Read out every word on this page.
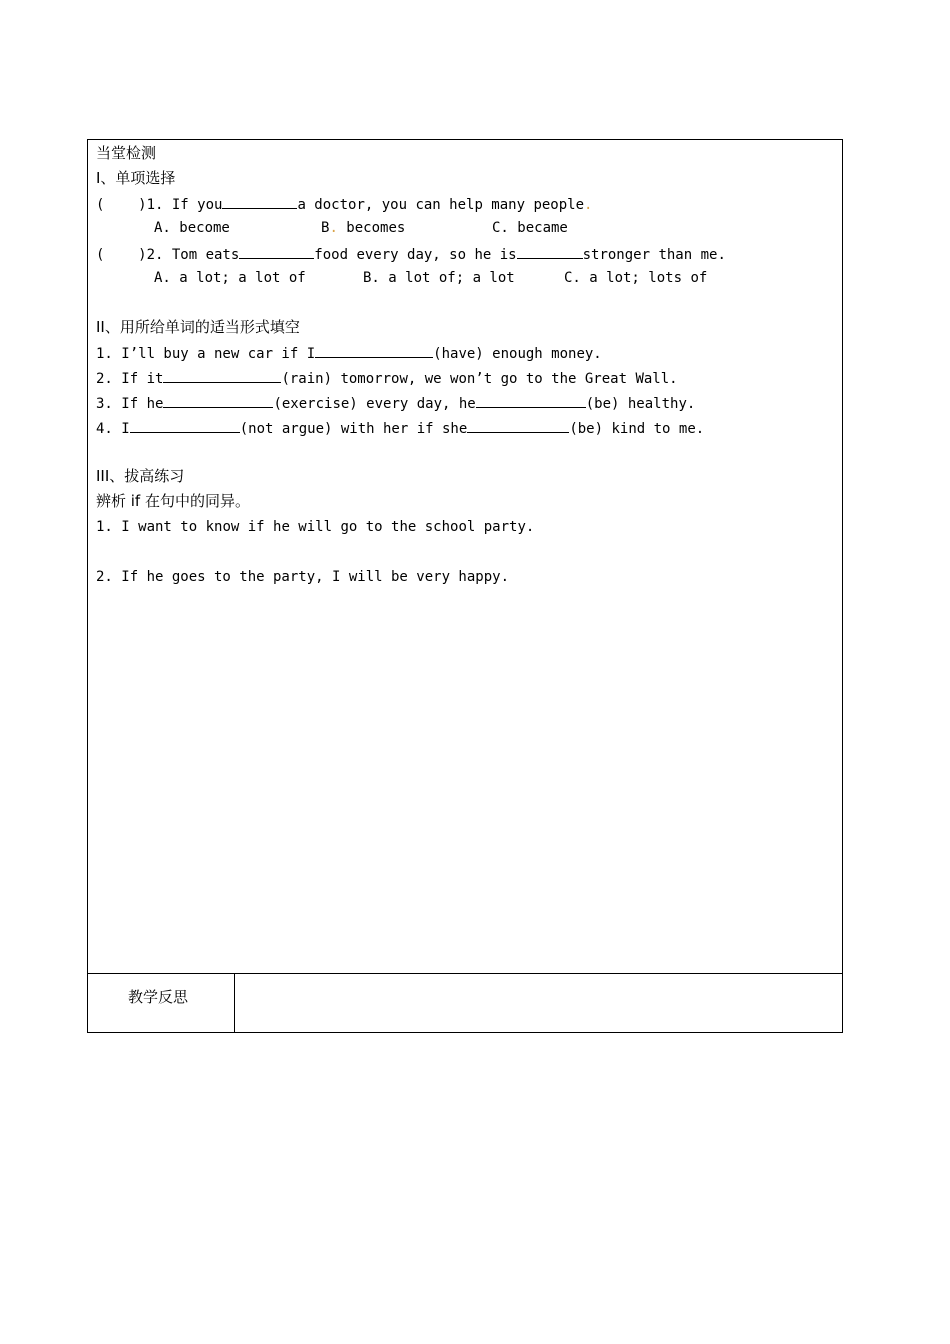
当堂检测
I、单项选择
(    )1. If you	a doctor, you can help many people.
A. become	B. becomes	C. became
(    )2. Tom eats	food every day, so he is	stronger than me.
A. a lot; a lot of	B. a lot of; a lot	C. a lot; lots of
II、用所给单词的适当形式填空
1. I’ll buy a new car if I	(have) enough money.
2. If it	(rain) tomorrow, we won’t go to the Great Wall.
3. If he	(exercise) every day, he	(be) healthy.
4. I	(not argue) with her if she	(be) kind to me.
III、拔高练习
辨析 if 在句中的同异。
1. I want to know if he will go to the school party.
2. If he goes to the party, I will be very happy.
教学反思
